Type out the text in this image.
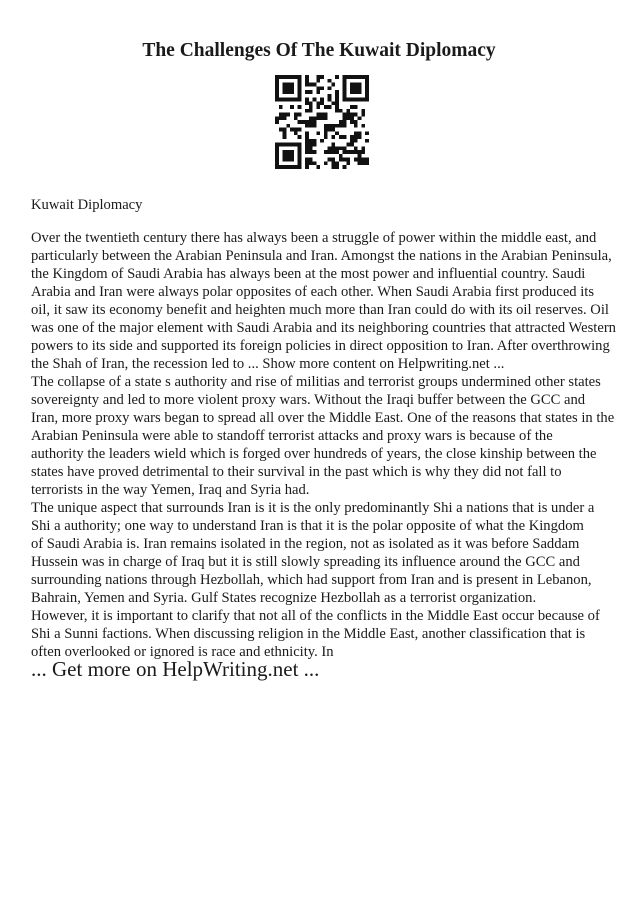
The Challenges Of The Kuwait Diplomacy
Kuwait Diplomacy

Over the twentieth century there has always been a struggle of power within the middle east, and
particularly between the Arabian Peninsula and Iran. Amongst the nations in the Arabian Peninsula,
the Kingdom of Saudi Arabia has always been at the most power and influential country. Saudi
Arabia and Iran were always polar opposites of each other. When Saudi Arabia first produced its
oil, it saw its economy benefit and heighten much more than Iran could do with its oil reserves. Oil
was one of the major element with Saudi Arabia and its neighboring countries that attracted Western
powers to its side and supported its foreign policies in direct opposition to Iran. After overthrowing
the Shah of Iran, the recession led to ... Show more content on Helpwriting.net ...

The collapse of a state s authority and rise of militias and terrorist groups undermined other states
sovereignty and led to more violent proxy wars. Without the Iraqi buffer between the GCC and
Iran, more proxy wars began to spread all over the Middle East. One of the reasons that states in the
Arabian Peninsula were able to standoff terrorist attacks and proxy wars is because of the
authority the leaders wield which is forged over hundreds of years, the close kinship between the
states have proved detrimental to their survival in the past which is why they did not fall to
terrorists in the way Yemen, Iraq and Syria had.

The unique aspect that surrounds Iran is it is the only predominantly Shi a nations that is under a
Shi a authority; one way to understand Iran is that it is the polar opposite of what the Kingdom
of Saudi Arabia is. Iran remains isolated in the region, not as isolated as it was before Saddam
Hussein was in charge of Iraq but it is still slowly spreading its influence around the GCC and
surrounding nations through Hezbollah, which had support from Iran and is present in Lebanon,
Bahrain, Yemen and Syria. Gulf States recognize Hezbollah as a terrorist organization.

However, it is important to clarify that not all of the conflicts in the Middle East occur because of
Shi a Sunni factions. When discussing religion in the Middle East, another classification that is
often overlooked or ignored is race and ethnicity. In

... Get more on HelpWriting.net ...
